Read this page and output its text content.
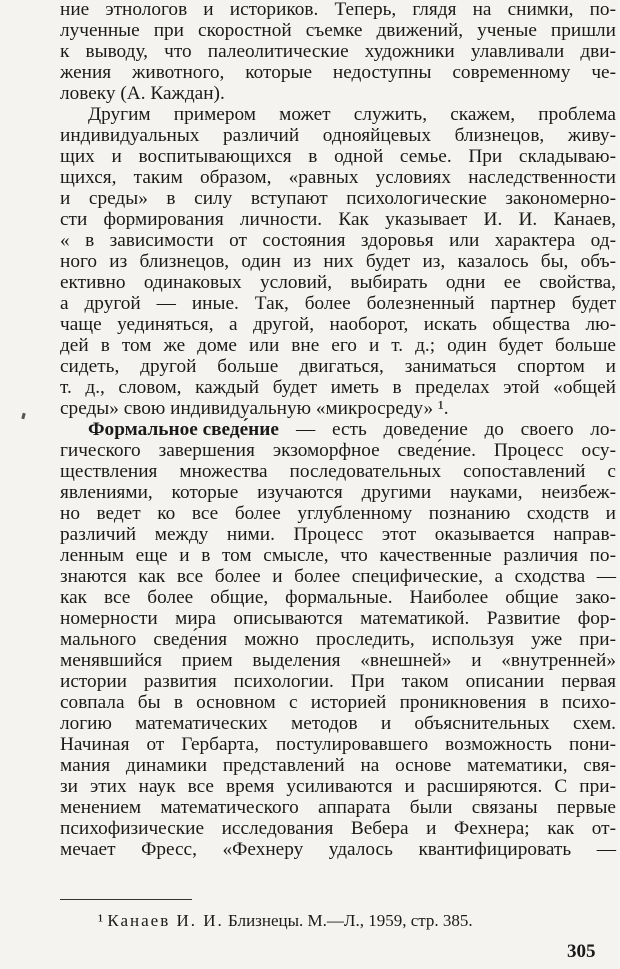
ние этнологов и историков. Теперь, глядя на снимки, по-
лученные при скоростной съемке движений, ученые пришли
к выводу, что палеолитические художники улавливали дви-
жения животного, которые недоступны современному че-
ловеку (А. Каждан).
Другим примером может служить, скажем, проблема
индивидуальных различий однояйцевых близнецов, живу-
щих и воспитывающихся в одной семье. При складываю-
щихся, таким образом, «равных условиях наследственности
и среды» в силу вступают психологические закономерно-
сти формирования личности. Как указывает И. И. Канаев,
« в зависимости от состояния здоровья или характера од-
ного из близнецов, один из них будет из, казалось бы, объ-
ективно одинаковых условий, выбирать одни ее свойства,
а другой — иные. Так, более болезненный партнер будет
чаще уединяться, а другой, наоборот, искать общества лю-
дей в том же доме или вне его и т. д.; один будет больше
сидеть, другой больше двигаться, заниматься спортом и
т. д., словом, каждый будет иметь в пределах этой «общей
среды» свою индивидуальную «микросреду» ¹.
Формальное сведе́ние — есть доведение до своего ло-
гического завершения экзоморфное сведе́ние. Процесс осу-
ществления множества последовательных сопоставлений с
явлениями, которые изучаются другими науками, неизбеж-
но ведет ко все более углубленному познанию сходств и
различий между ними. Процесс этот оказывается направ-
ленным еще и в том смысле, что качественные различия по-
знаются как все более и более специфические, а сходства —
как все более общие, формальные. Наиболее общие зако-
номерности мира описываются математикой. Развитие фор-
мального сведе́ния можно проследить, используя уже при-
менявшийся прием выделения «внешней» и «внутренней»
истории развития психологии. При таком описании первая
совпала бы в основном с историей проникновения в психо-
логию математических методов и объяснительных схем.
Начиная от Гербарта, постулировавшего возможность пони-
мания динамики представлений на основе математики, свя-
зи этих наук все время усиливаются и расширяются. С при-
менением математического аппарата были связаны первые
психофизические исследования Вебера и Фехнера; как от-
мечает Фресс, «Фехнеру удалось квантифицировать —
¹ Канаев И. И. Близнецы. М.—Л., 1959, стр. 385.
305
